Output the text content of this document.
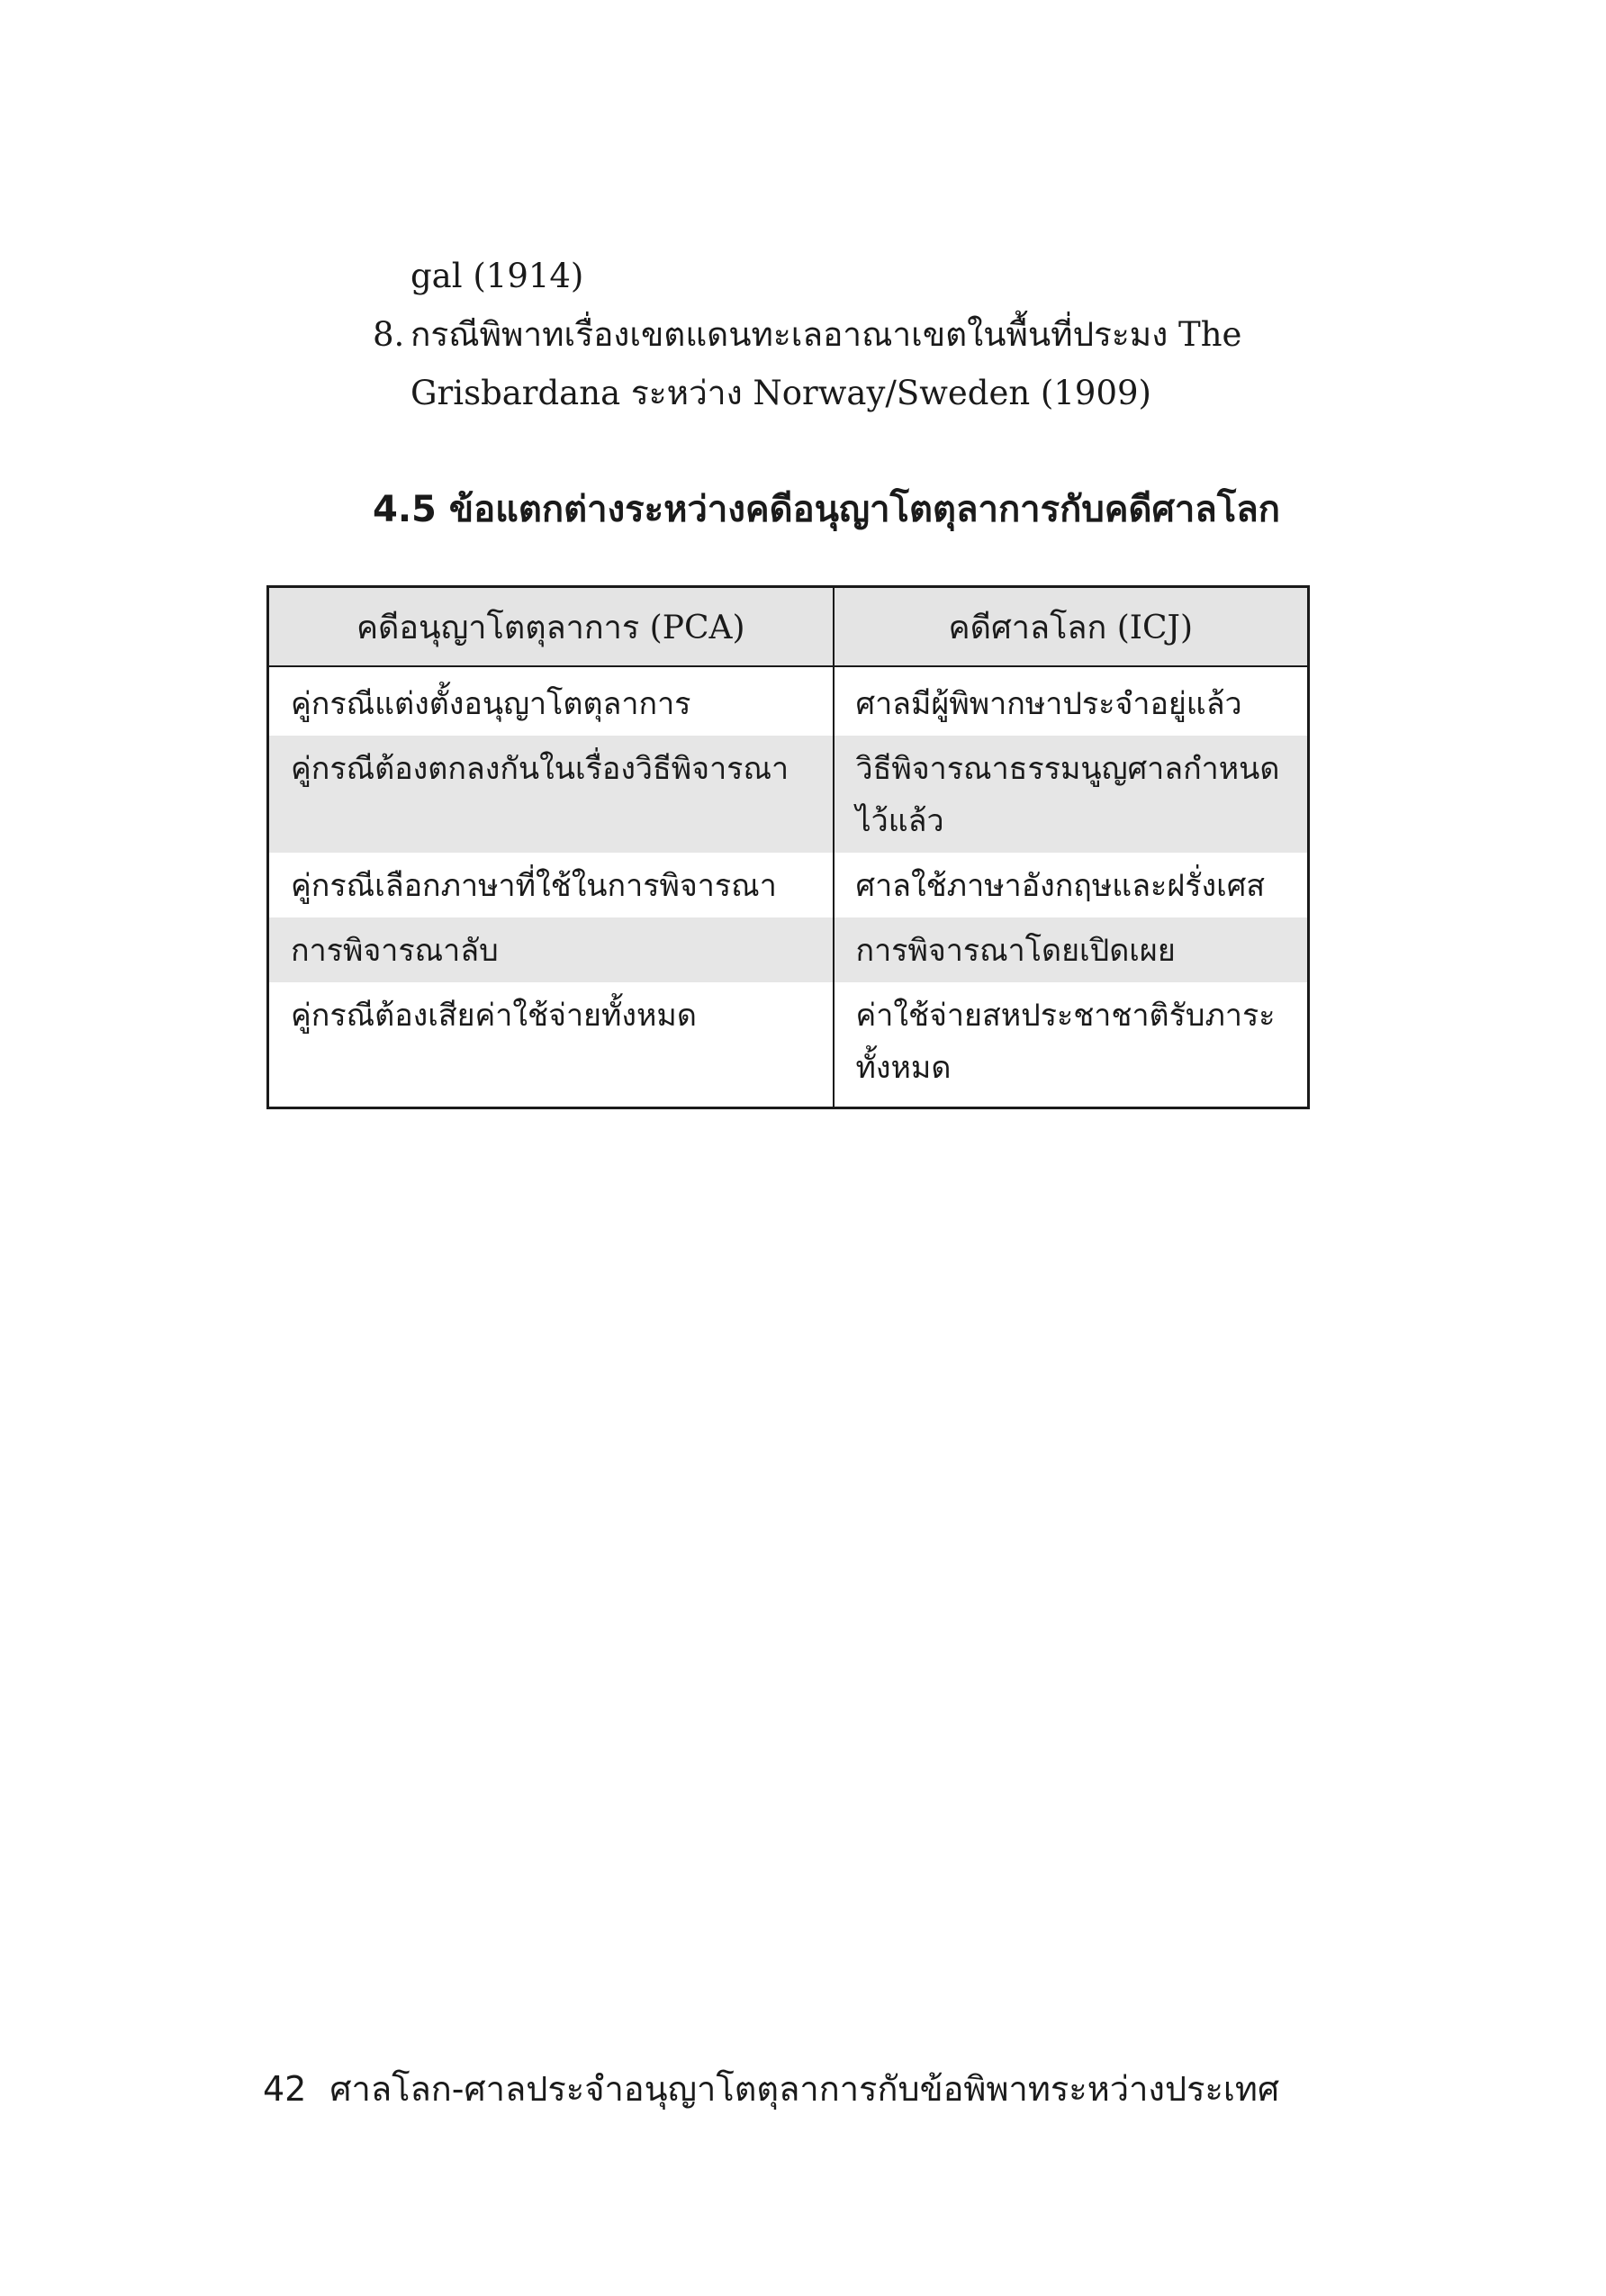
gal (1914)
8. กรณีพิพาทเรื่องเขตแดนทะเลอาณาเขตในพื้นที่ประมง The
Grisbardana ระหว่าง Norway/Sweden (1909)
4.5 ข้อแตกต่างระหว่างคดีอนุญาโตตุลาการกับคดีศาลโลก
คดีอนุญาโตตุลาการ (PCA)	คดีศาลโลก (ICJ)
คู่กรณีแต่งตั้งอนุญาโตตุลาการ	ศาลมีผู้พิพากษาประจำอยู่แล้ว
คู่กรณีต้องตกลงกันในเรื่องวิธีพิจารณา	วิธีพิจารณาธรรมนูญศาลกำหนดไว้แล้ว
คู่กรณีเลือกภาษาที่ใช้ในการพิจารณา	ศาลใช้ภาษาอังกฤษและฝรั่งเศส
การพิจารณาลับ	การพิจารณาโดยเปิดเผย
คู่กรณีต้องเสียค่าใช้จ่ายทั้งหมด	ค่าใช้จ่ายสหประชาชาติรับภาระทั้งหมด
42 ศาลโลก-ศาลประจำอนุญาโตตุลาการกับข้อพิพาทระหว่างประเทศ
